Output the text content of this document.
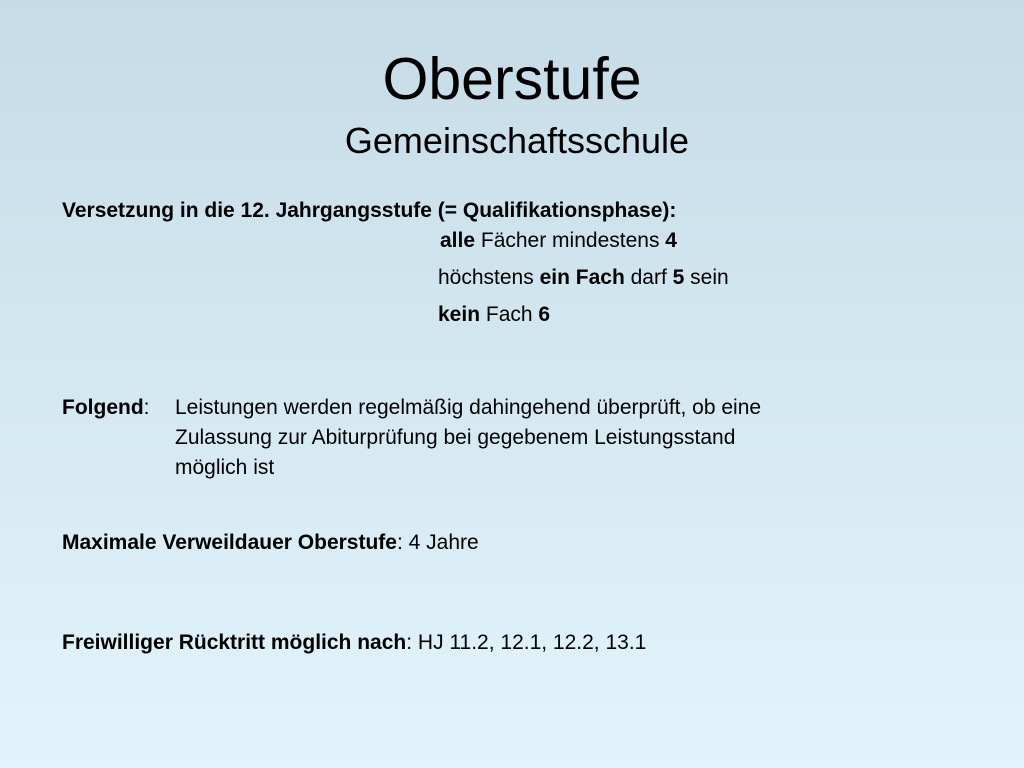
Oberstufe
Gemeinschaftsschule
Versetzung in die 12. Jahrgangsstufe (= Qualifikationsphase):
alle Fächer mindestens 4
höchstens ein Fach darf 5 sein
kein Fach 6
Folgend: Leistungen werden regelmäßig dahingehend überprüft, ob eine
Zulassung zur Abiturprüfung bei gegebenem Leistungsstand
möglich ist
Maximale Verweildauer Oberstufe: 4 Jahre
Freiwilliger Rücktritt möglich nach: HJ 11.2, 12.1, 12.2, 13.1
